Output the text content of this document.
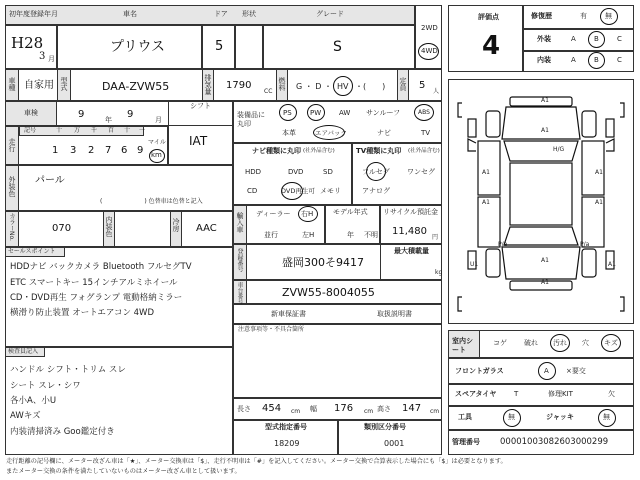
初年度登録年月	車名	ドア 形状	グレード
H28
3 月
プリウス	5	S
2WD
4WD
車種 自家用 型式	DAA-ZVW55	排気量 1790
CC
燃料 G ・ D ・ HV ・(　　) 定員 5
人
車検	9	年 9	月
シフト
IAT
走行
記号	十 万 千 百 十 一
1 3 2 7 6 9
マイル
km
外装色 パール
(　　　　　　　) 色替車は色替と記入
カラーNo.	070	内装色	冷房 AAC
セールスポイント
HDDナビ バックカメラ Bluetooth フルセグTV
ETC スマートキー 15インチアルミホイール
CD・DVD再生 フォグランプ 電動格納ミラー
横滑り防止装置 オートエアコン 4WD
検査員記入
ハンドル シフト・トリム スレ
シート スレ・シワ
各小A、小U
AWキズ
内装清掃済み Goo鑑定付き
装備品に丸印
PS	PW	AW サンルーフ	ABS
本革	エアバック	ナビ	TV
ナビ種類に丸印 (社外品含む)
HDD	DVD	SD
CD	DVD再生可 メモリ
TV種類に丸印 (社外品含む)
フルセグ ワンセグ
アナログ
輸入車 ディーラー 右H
並行	左H
モデル年式
年 不明
リサイクル預託金
11,480
円
登録番号	盛岡300そ9417
最大積載量
kg
車台番号	ZVW55-8004055
新車保証書	取扱説明書
注意事項等・不具合箇所
長さ 454 cm 幅 176 cm 高さ 147 cm
型式指定番号
18209
類別区分番号
0001
評価点
4
修復歴	有	無
外装	A	B	C
内装	A	B	C
A1
A1
H/G
A1	A1
A1	A1
P/a	P/a
A1
A1
U1	A1
室内シート
コゲ 破れ 汚れ 穴 キズ
フロントガラス	A ×要交
スペアタイヤ	T	修理KIT	欠
工具	無	ジャッキ	無
管理番号 00001003082603000299
走行距離の記号欄に、メーター改ざん車は「★」、メーター交換車は「$」、走行不明車は「#」を記入してください。メーター交換で合算表示した場合にも「$」は必要となります。
またメーター交換の条件を満たしていないものはメーター改ざん車として扱います。
